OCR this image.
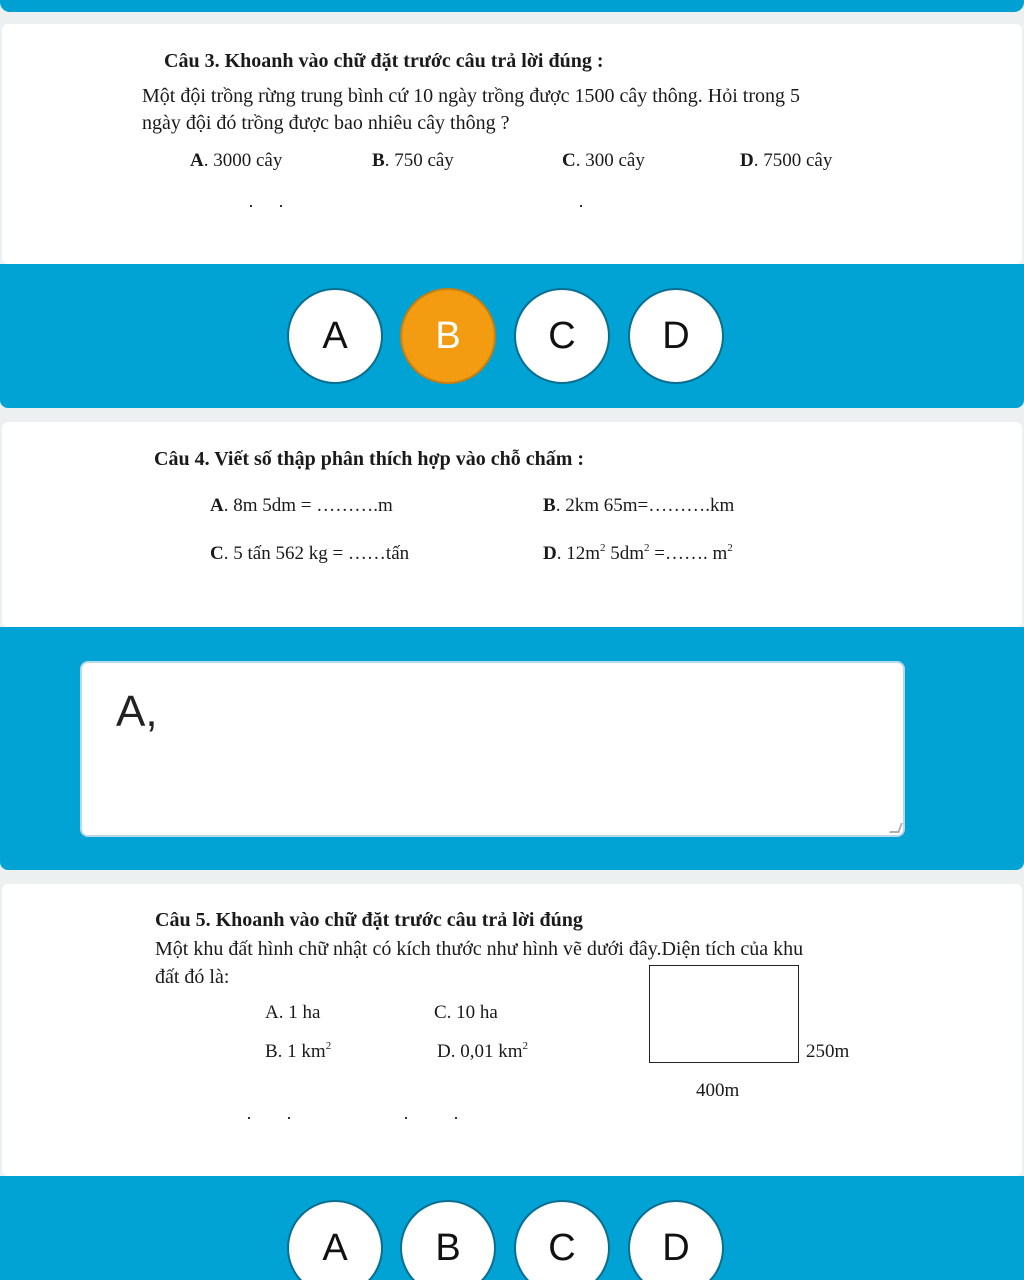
Câu 3. Khoanh vào chữ đặt trước câu trả lời đúng :
Một đội trồng rừng trung bình cứ 10 ngày trồng được 1500 cây thông. Hỏi trong 5
ngày đội đó trồng được bao nhiêu cây thông ?
A. 3000 cây	B. 750 cây	C. 300 cây	D. 7500 cây
A	B	C	D
Câu 4. Viết số thập phân thích hợp vào chỗ chấm :
A. 8m 5dm = ……….m	B. 2km 65m=……….km
C. 5 tấn 562 kg = ……tấn	D. $12m^2$ $5dm^2$ =……. $m^2$
A,
Câu 5. Khoanh vào chữ đặt trước câu trả lời đúng
Một khu đất hình chữ nhật có kích thước như hình vẽ dưới đây.Diện tích của khu
đất đó là:
A. 1 ha	C. 10 ha
B. 1 $km^2$	D. 0,01 $km^2$	250m
400m
A	B	C	D
